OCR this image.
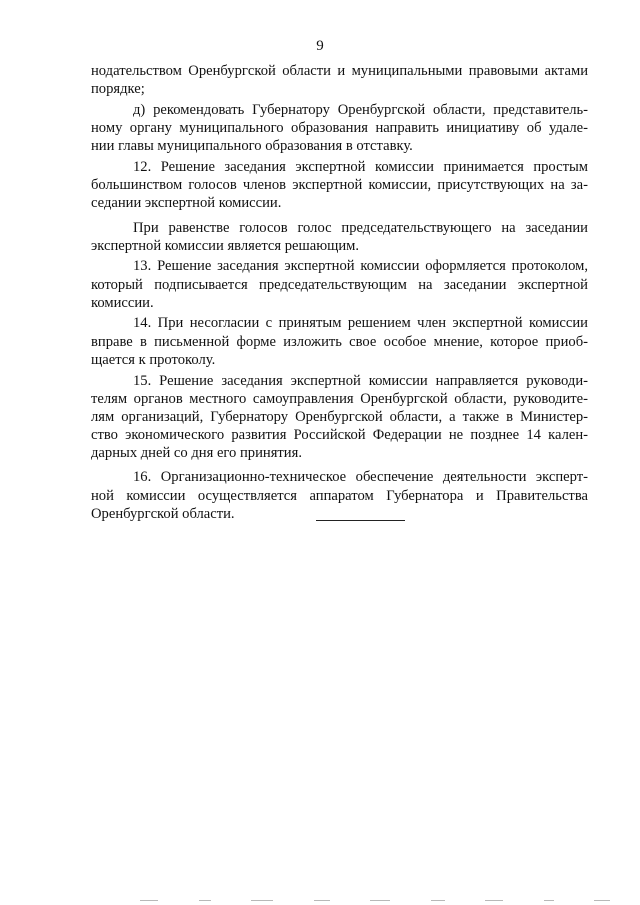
9
нодательством Оренбургской области и муниципальными правовыми актами
порядке;
д) рекомендовать Губернатору Оренбургской области, представитель-
ному органу муниципального образования направить инициативу об удале-
нии главы муниципального образования в отставку.
12. Решение заседания экспертной комиссии принимается простым
большинством голосов членов экспертной комиссии, присутствующих на за-
седании экспертной комиссии.
При равенстве голосов голос председательствующего на заседании
экспертной комиссии является решающим.
13. Решение заседания экспертной комиссии оформляется протоколом,
который подписывается председательствующим на заседании экспертной
комиссии.
14. При несогласии с принятым решением член экспертной комиссии
вправе в письменной форме изложить свое особое мнение, которое приоб-
щается к протоколу.
15. Решение заседания экспертной комиссии направляется руководи-
телям органов местного самоуправления Оренбургской области, руководите-
лям организаций, Губернатору Оренбургской области, а также в Министер-
ство экономического развития Российской Федерации не позднее 14 кален-
дарных дней со дня его принятия.
16. Организационно-техническое обеспечение деятельности эксперт-
ной комиссии осуществляется аппаратом Губернатора и Правительства
Оренбургской области.
